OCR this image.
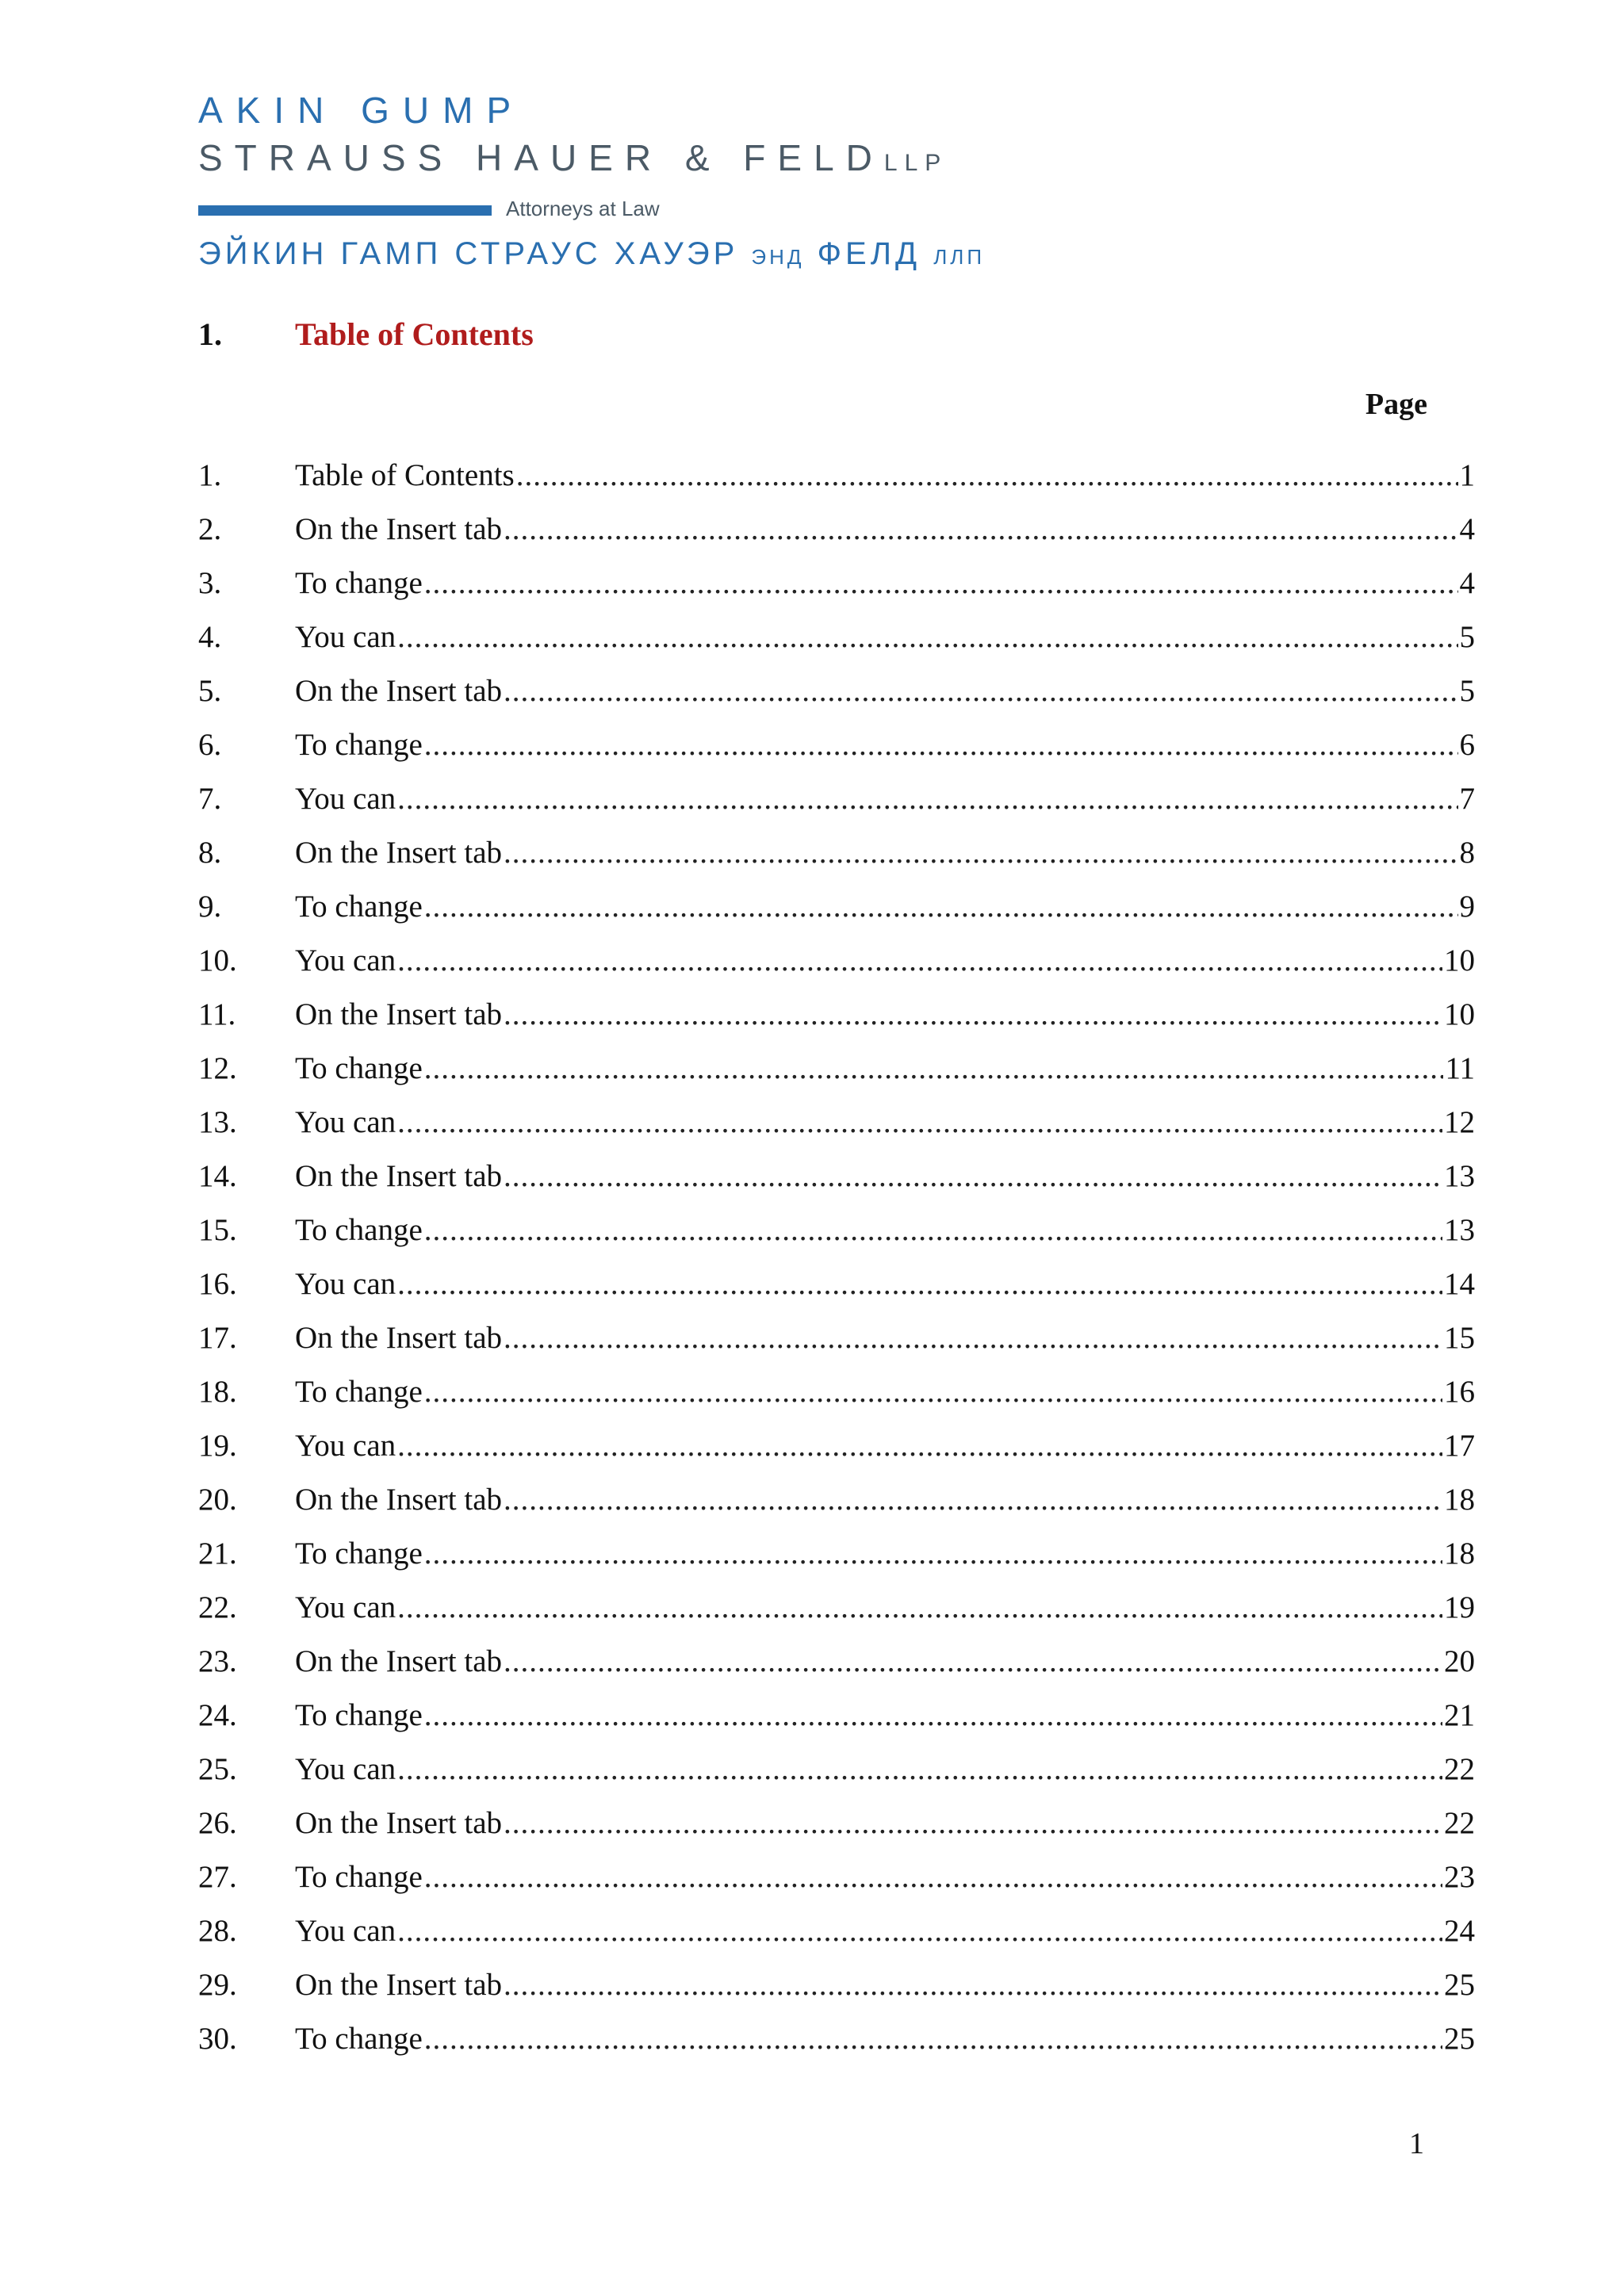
AKIN GUMP
STRAUSS HAUER & FELDLLP
Attorneys at Law
ЭЙКИН ГАМП СТРАУС ХАУЭР ЭНД ФЕЛД ЛЛП
1. Table of Contents
Page
1.	Table of Contents .....	1
2.	On the Insert tab .....	4
3.	To change .....	4
4.	You can .....	5
5.	On the Insert tab .....	5
6.	To change .....	6
7.	You can .....	7
8.	On the Insert tab .....	8
9.	To change .....	9
10.	You can .....	10
11.	On the Insert tab .....	10
12.	To change .....	11
13.	You can .....	12
14.	On the Insert tab .....	13
15.	To change .....	13
16.	You can .....	14
17.	On the Insert tab .....	15
18.	To change .....	16
19.	You can .....	17
20.	On the Insert tab .....	18
21.	To change .....	18
22.	You can .....	19
23.	On the Insert tab .....	20
24.	To change .....	21
25.	You can .....	22
26.	On the Insert tab .....	22
27.	To change .....	23
28.	You can .....	24
29.	On the Insert tab .....	25
30.	To change .....	25
1
